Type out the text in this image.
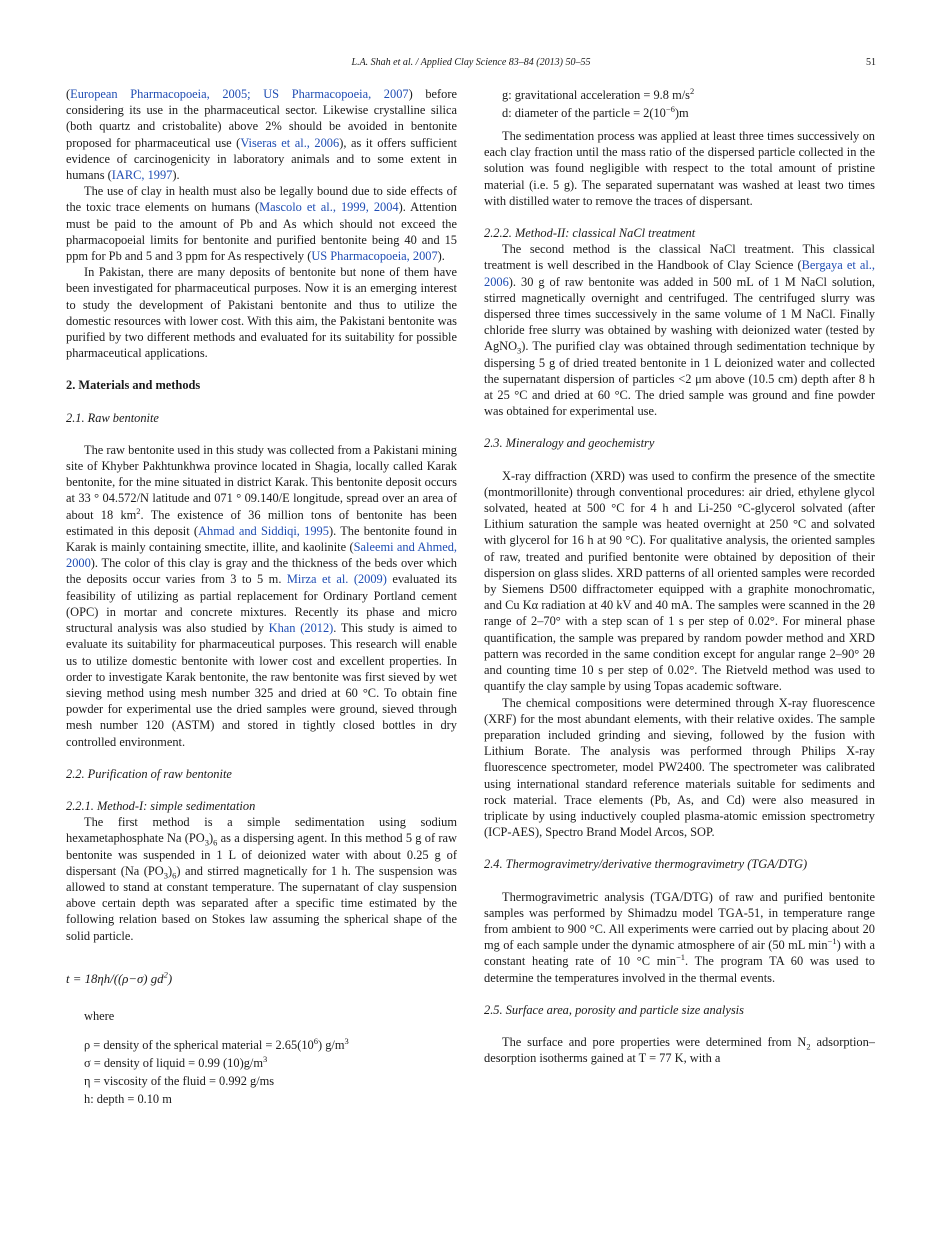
L.A. Shah et al. / Applied Clay Science 83–84 (2013) 50–55	51

(European Pharmacopoeia, 2005; US Pharmacopoeia, 2007) before considering its use in the pharmaceutical sector. Likewise crystalline silica (both quartz and cristobalite) above 2% should be avoided in bentonite proposed for pharmaceutical use (Viseras et al., 2006), as it offers sufficient evidence of carcinogenicity in laboratory animals and to some extent in humans (IARC, 1997).

The use of clay in health must also be legally bound due to side effects of the toxic trace elements on humans (Mascolo et al., 1999, 2004). Attention must be paid to the amount of Pb and As which should not exceed the pharmacopoeial limits for bentonite and purified bentonite being 40 and 15 ppm for Pb and 5 and 3 ppm for As respectively (US Pharmacopoeia, 2007).

In Pakistan, there are many deposits of bentonite but none of them have been investigated for pharmaceutical purposes. Now it is an emerging interest to study the development of Pakistani bentonite and thus to utilize the domestic resources with lower cost. With this aim, the Pakistani bentonite was purified by two different methods and evaluated for its suitability for possible pharmaceutical applications.

2. Materials and methods
2.1. Raw bentonite

The raw bentonite used in this study was collected from a Pakistani mining site of Khyber Pakhtunkhwa province located in Shagia, locally called Karak bentonite, for the mine situated in district Karak. This bentonite deposit occurs at 33 ° 04.572/N latitude and 071 ° 09.140/E longitude, spread over an area of about 18 $km^2$. The existence of 36 million tons of bentonite has been estimated in this deposit (Ahmad and Siddiqi, 1995). The bentonite found in Karak is mainly containing smectite, illite, and kaolinite (Saleemi and Ahmed, 2000). The color of this clay is gray and the thickness of the beds over which the deposits occur varies from 3 to 5 m. Mirza et al. (2009) evaluated its feasibility of utilizing as partial replacement for Ordinary Portland cement (OPC) in mortar and concrete mixtures. Recently its phase and micro structural analysis was also studied by Khan (2012). This study is aimed to evaluate its suitability for pharmaceutical purposes. This research will enable us to utilize domestic bentonite with lower cost and excellent properties. In order to investigate Karak bentonite, the raw bentonite was first sieved by wet sieving method using mesh number 325 and dried at 60 °C. To obtain fine powder for experimental use the dried samples were ground, sieved through mesh number 120 (ASTM) and stored in tightly closed bottles in dry controlled environment.

2.2. Purification of raw bentonite
2.2.1. Method-I: simple sedimentation

The first method is a simple sedimentation using sodium hexametaphosphate Na $(PO_3)_6$ as a dispersing agent. In this method 5 g of raw bentonite was suspended in 1 L of deionized water with about 0.25 g of dispersant (Na $(PO_3)_6$) and stirred magnetically for 1 h. The suspension was allowed to stand at constant temperature. The supernatant of clay suspension above certain depth was separated after a specific time estimated by the following relation based on Stokes law assuming the spherical shape of the solid particle.

t = 18ηh/((ρ−σ) $gd^2$)
where
ρ = density of the spherical material = $2.65(10^6)$ $g/m^3$
σ = density of liquid = 0.99 $(10)g/m^3$
η = viscosity of the fluid = 0.992 g/ms
h: depth = 0.10 m
g: gravitational acceleration = 9.8 $m/s^2$
d: diameter of the particle = $2(10^{-6})m$

The sedimentation process was applied at least three times successively on each clay fraction until the mass ratio of the dispersed particle collected in the solution was found negligible with respect to the total amount of pristine material (i.e. 5 g). The separated supernatant was washed at least two times with distilled water to remove the traces of dispersant.

2.2.2. Method-II: classical NaCl treatment

The second method is the classical NaCl treatment. This classical treatment is well described in the Handbook of Clay Science (Bergaya et al., 2006). 30 g of raw bentonite was added in 500 mL of 1 M NaCl solution, stirred magnetically overnight and centrifuged. The centrifuged slurry was dispersed three times successively in the same volume of 1 M NaCl. Finally chloride free slurry was obtained by washing with deionized water (tested by AgNO$_3$). The purified clay was obtained through sedimentation technique by dispersing 5 g of dried treated bentonite in 1 L deionized water and collected the supernatant dispersion of particles <2 μm above (10.5 cm) depth after 8 h at 25 °C and dried at 60 °C. The dried sample was ground and fine powder was obtained for experimental use.

2.3. Mineralogy and geochemistry

X-ray diffraction (XRD) was used to confirm the presence of the smectite (montmorillonite) through conventional procedures: air dried, ethylene glycol solvated, heated at 500 °C for 4 h and Li-250 °C-glycerol solvated (after Lithium saturation the sample was heated overnight at 250 °C and solvated with glycerol for 16 h at 90 °C). For qualitative analysis, the oriented samples of raw, treated and purified bentonite were obtained by deposition of their dispersion on glass slides. XRD patterns of all oriented samples were recorded by Siemens D500 diffractometer equipped with a graphite monochromatic, and Cu Kα radiation at 40 kV and 40 mA. The samples were scanned in the 2θ range of 2–70° with a step scan of 1 s per step of 0.02°. For mineral phase quantification, the sample was prepared by random powder method and XRD pattern was recorded in the same condition except for angular range 2–90° 2θ and counting time 10 s per step of 0.02°. The Rietveld method was used to quantify the clay sample by using Topas academic software.

The chemical compositions were determined through X-ray fluorescence (XRF) for the most abundant elements, with their relative oxides. The sample preparation included grinding and sieving, followed by the fusion with Lithium Borate. The analysis was performed through Philips X-ray fluorescence spectrometer, model PW2400. The spectrometer was calibrated using international standard reference materials suitable for sediments and rock material. Trace elements (Pb, As, and Cd) were also measured in triplicate by using inductively coupled plasma-atomic emission spectrometry (ICP-AES), Spectro Brand Model Arcos, SOP.

2.4. Thermogravimetry/derivative thermogravimetry (TGA/DTG)

Thermogravimetric analysis (TGA/DTG) of raw and purified bentonite samples was performed by Shimadzu model TGA-51, in temperature range from ambient to 900 °C. All experiments were carried out by placing about 20 mg of each sample under the dynamic atmosphere of air (50 mL $\min^{-1}$) with a constant heating rate of 10 °C $\min^{-1}$. The program TA 60 was used to determine the temperatures involved in the thermal events.

2.5. Surface area, porosity and particle size analysis

The surface and pore properties were determined from $N_2$ adsorption–desorption isotherms gained at T = 77 K, with a
